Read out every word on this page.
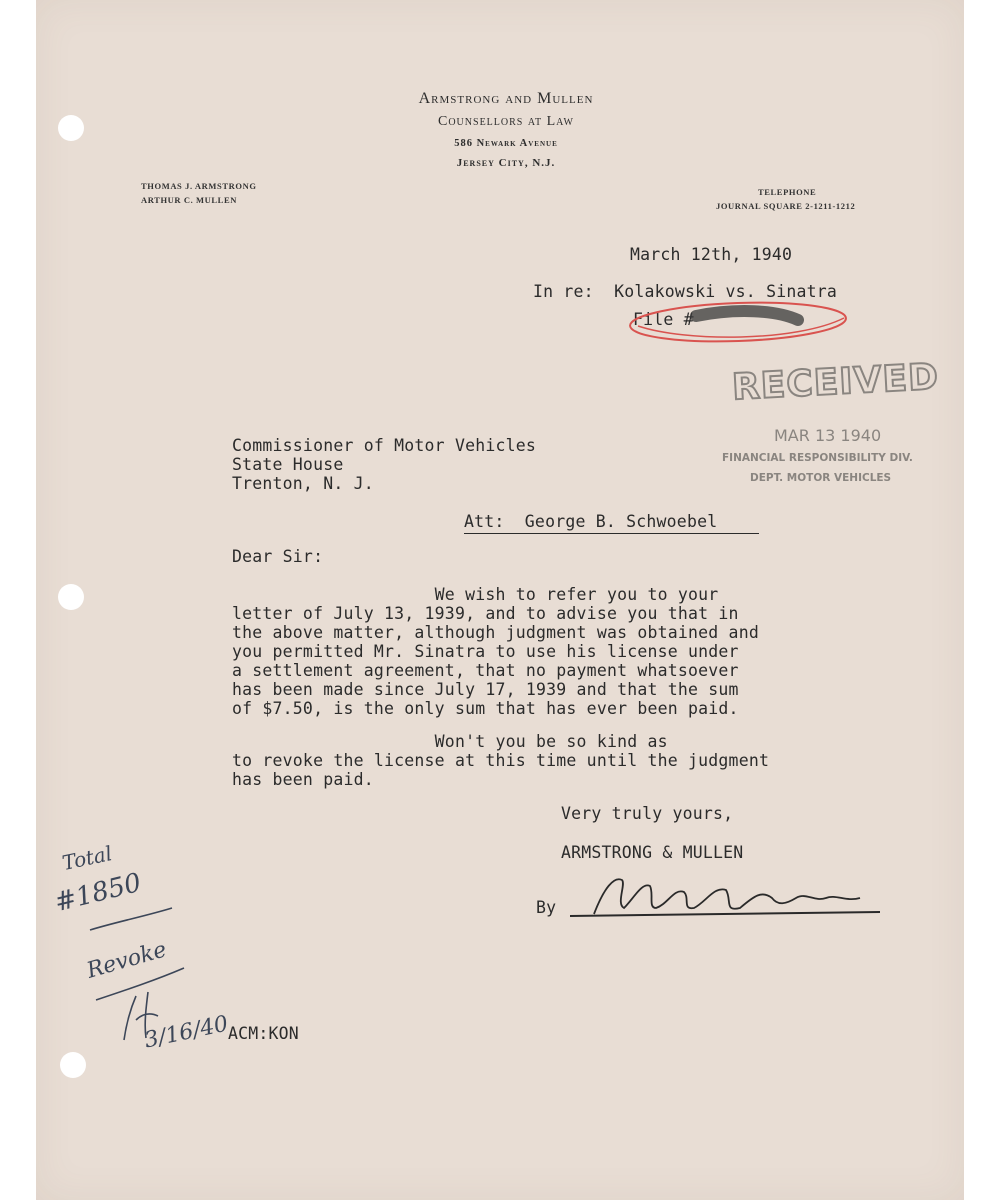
Armstrong and Mullen
Counsellors at Law
586 Newark Avenue
Jersey City, N.J.
THOMAS J. ARMSTRONG
ARTHUR C. MULLEN
TELEPHONE
JOURNAL SQUARE 2-1211-1212
March 12th, 1940
In re:  Kolakowski vs. Sinatra
File #
RECEIVED
MAR 13 1940
FINANCIAL RESPONSIBILITY DIV.
DEPT. MOTOR VEHICLES
Commissioner of Motor Vehicles
State House
Trenton, N. J.
Att:  George B. Schwoebel
Dear Sir:
We wish to refer you to your
letter of July 13, 1939, and to advise you that in
the above matter, although judgment was obtained and
you permitted Mr. Sinatra to use his license under
a settlement agreement, that no payment whatsoever
has been made since July 17, 1939 and that the sum
of $7.50, is the only sum that has ever been paid.
Won't you be so kind as
to revoke the license at this time until the judgment
has been paid.
Very truly yours,
ARMSTRONG & MULLEN
By
ACM:KON
Total
#1850
Revoke
3/16/40
